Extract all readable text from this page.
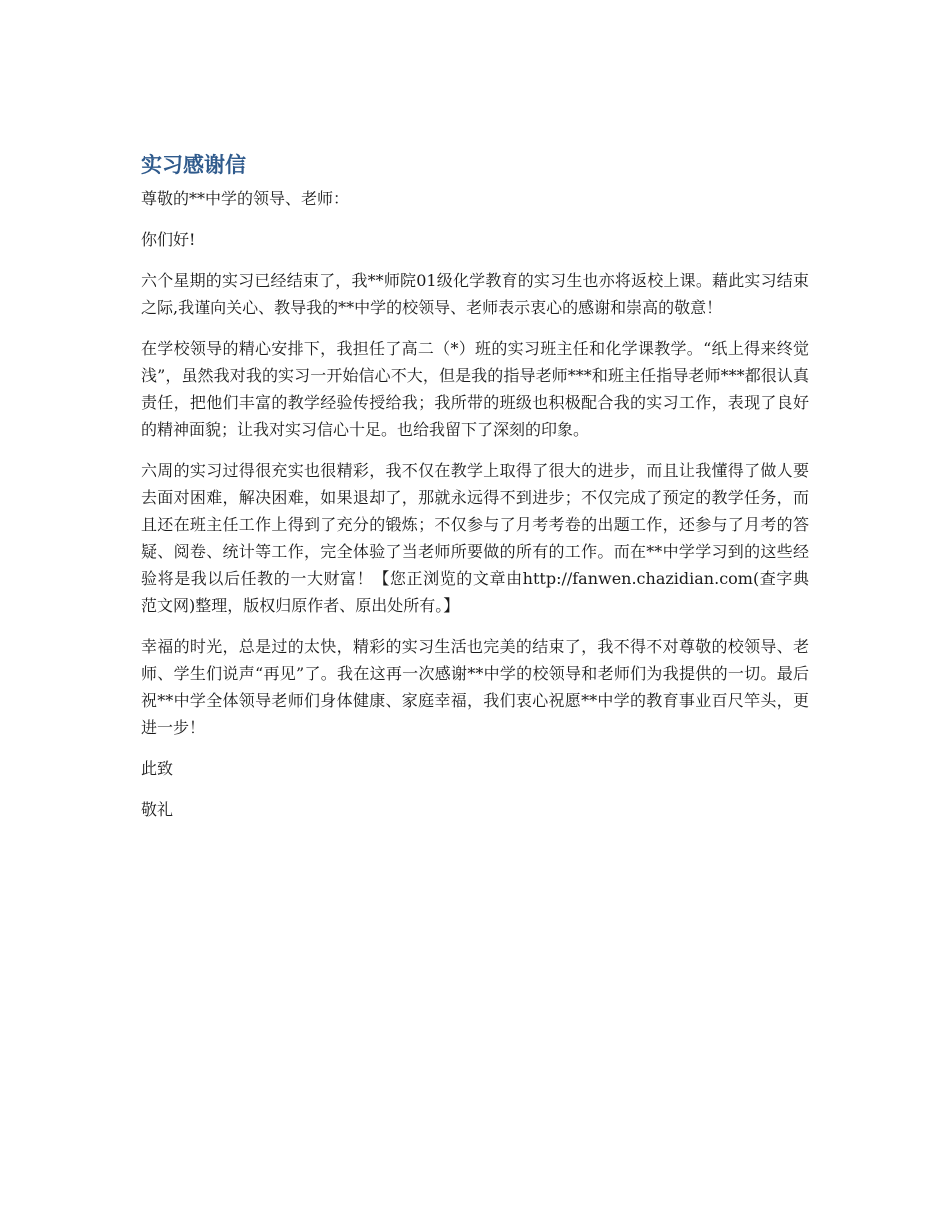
实习感谢信

尊敬的**中学的领导、老师：

你们好!

六个星期的实习已经结束了，我**师院01级化学教育的实习生也亦将返校上课。藉此实习结束之际,我谨向关心、教导我的**中学的校领导、老师表示衷心的感谢和崇高的敬意！

在学校领导的精心安排下，我担任了高二（*）班的实习班主任和化学课教学。“纸上得来终觉浅”，虽然我对我的实习一开始信心不大，但是我的指导老师***和班主任指导老师***都很认真责任，把他们丰富的教学经验传授给我；我所带的班级也积极配合我的实习工作，表现了良好的精神面貌；让我对实习信心十足。也给我留下了深刻的印象。

六周的实习过得很充实也很精彩，我不仅在教学上取得了很大的进步，而且让我懂得了做人要去面对困难，解决困难，如果退却了，那就永远得不到进步；不仅完成了预定的教学任务，而且还在班主任工作上得到了充分的锻炼；不仅参与了月考考卷的出题工作，还参与了月考的答疑、阅卷、统计等工作，完全体验了当老师所要做的所有的工作。而在**中学学习到的这些经验将是我以后任教的一大财富！【您正浏览的文章由http://fanwen.chazidian.com(查字典范文网)整理，版权归原作者、原出处所有。】

幸福的时光，总是过的太快，精彩的实习生活也完美的结束了，我不得不对尊敬的校领导、老师、学生们说声“再见”了。我在这再一次感谢**中学的校领导和老师们为我提供的一切。最后祝**中学全体领导老师们身体健康、家庭幸福，我们衷心祝愿**中学的教育事业百尺竿头，更进一步！

此致

敬礼
